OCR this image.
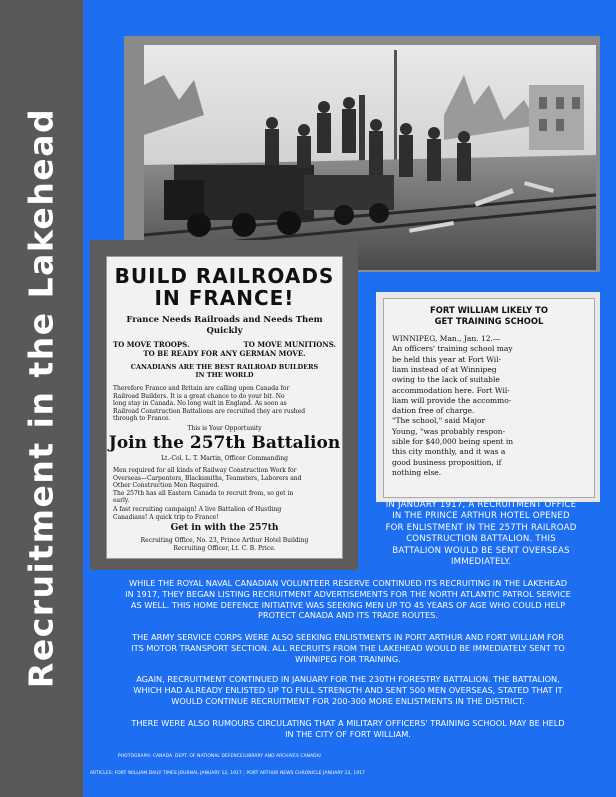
Recruitment in the Lakehead	BUILD RAILROADS
IN FRANCE!
France Needs Railroads and Needs Them
Quickly
TO MOVE TROOPS.	TO MOVE MUNITIONS.
TO BE READY FOR ANY GERMAN MOVE.
CANADIANS ARE THE BEST RAILROAD BUILDERS
IN THE WORLD
Therefore France and Britain are calling upon Canada for
Railroad Builders. It is a great chance to do your bit. No
long stay in Canada. No long wait in England. As soon as
Railroad Construction Battalions are recruited they are rushed
through to France.
This is Your Opportunity
Join the 257th Battalion
Lt.-Col. L. T. Martin, Officer Commanding
Men required for all kinds of Railway Construction Work for
Overseas—Carpenters, Blacksmiths, Teamsters, Laborers and
Other Construction Men Required.
The 257th has all Eastern Canada to recruit from, so get in
early.
A fast recruiting campaign! A live Battalion of Hustling
Canadians! A quick trip to France!
Get in with the 257th
Recruiting Office, No. 23, Prince Arthur Hotel Building
Recruiting Officer, Lt. C. B. Price.
FORT WILLIAM LIKELY TO
GET TRAINING SCHOOL
WINNIPEG, Man., Jan. 12.—
An officers' training school may
be held this year at Fort Wil-
liam instead of at Winnipeg
owing to the lack of suitable
accommodation here. Fort Wil-
liam will provide the accommo-
dation free of charge.
"The school," said Major
Young, "was probably respon-
sible for $40,000 being spent in
this city monthly, and it was a
good business proposition, if
nothing else.
IN JANUARY 1917, A RECRUITMENT OFFICE
IN THE PRINCE ARTHUR HOTEL OPENED
FOR ENLISTMENT IN THE 257TH RAILROAD
CONSTRUCTION BATTALION. THIS
BATTALION WOULD BE SENT OVERSEAS
IMMEDIATELY.
WHILE THE ROYAL NAVAL CANADIAN VOLUNTEER RESERVE CONTINUED ITS RECRUITING IN THE LAKEHEAD
IN 1917, THEY BEGAN LISTING RECRUITMENT ADVERTISEMENTS FOR THE NORTH ATLANTIC PATROL SERVICE
AS WELL. THIS HOME DEFENCE INITIATIVE WAS SEEKING MEN UP TO 45 YEARS OF AGE WHO COULD HELP
PROTECT CANADA AND ITS TRADE ROUTES.
THE ARMY SERVICE CORPS WERE ALSO SEEKING ENLISTMENTS IN PORT ARTHUR AND FORT WILLIAM FOR
ITS MOTOR TRANSPORT SECTION. ALL RECRUITS FROM THE LAKEHEAD WOULD BE IMMEDIATELY SENT TO
WINNIPEG FOR TRAINING.
AGAIN, RECRUITMENT CONTINUED IN JANUARY FOR THE 230TH FORESTRY BATTALION. THE BATTALION,
WHICH HAD ALREADY ENLISTED UP TO FULL STRENGTH AND SENT 500 MEN OVERSEAS, STATED THAT IT
WOULD CONTINUE RECRUITMENT FOR 200-300 MORE ENLISTMENTS IN THE DISTRICT.
THERE WERE ALSO RUMOURS CIRCULATING THAT A MILITARY OFFICERS' TRAINING SCHOOL MAY BE HELD
IN THE CITY OF FORT WILLIAM.
PHOTOGRAPH: CANADA. DEPT. OF NATIONAL DEFENCE/LIBRARY AND ARCHIVES CANADA/
ARTICLES: FORT WILLIAM DAILY TIMES JOURNAL JANUARY 12, 1917 ; PORT ARTHUR NEWS CHRONICLE JANUARY 23, 1917
